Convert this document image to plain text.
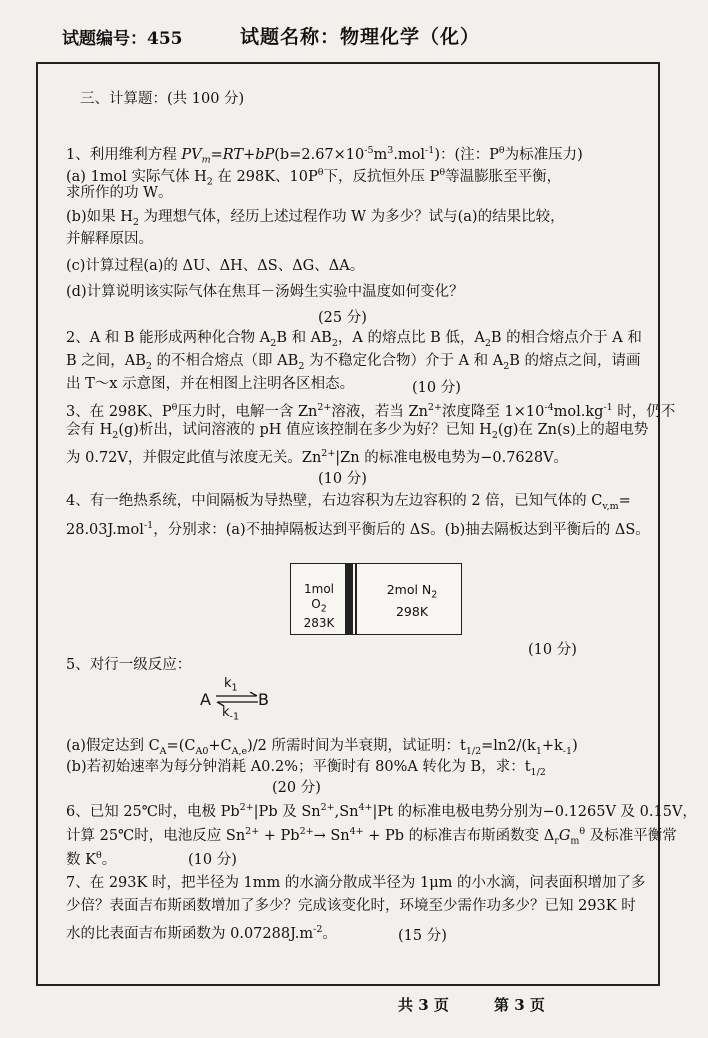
试题编号：455	试题名称：物理化学（化）
三、计算题：(共 100 分)
1、利用维利方程 $PV_m=RT+bP(b=2.67\times 10^{-5}m^3.mol^{-1})$：(注：$P^\theta$为标准压力)
(a) 1mol 实际气体 $H_2$ 在 298K、$10P^\theta$下，反抗恒外压 $P^\theta$等温膨胀至平衡，
求所作的功 W。
(b)如果 $H_2$ 为理想气体，经历上述过程作功 W 为多少？试与(a)的结果比较，
并解释原因。
(c)计算过程(a)的 ΔU、ΔH、ΔS、ΔG、ΔA。
(d)计算说明该实际气体在焦耳－汤姆生实验中温度如何变化？
(25 分)
2、A 和 B 能形成两种化合物 $A_2B$ 和 $AB_2$，A 的熔点比 B 低，$A_2B$ 的相合熔点介于 A 和
B 之间，$AB_2$ 的不相合熔点（即 $AB_2$ 为不稳定化合物）介于 A 和 $A_2B$ 的熔点之间，请画
出 T～x 示意图，并在相图上注明各区相态。	(10 分)
3、在 298K、$P^\theta$压力时，电解一含 $Zn^{2+}$溶液，若当 $Zn^{2+}$浓度降至 $1\times 10^{-4}mol.kg^{-1}$ 时，仍不
会有 $H_2(g)$析出，试问溶液的 pH 值应该控制在多少为好？已知 $H_2(g)$在 Zn(s)上的超电势
为 0.72V，并假定此值与浓度无关。$Zn^{2+}|Zn$ 的标准电极电势为−0.7628V。
(10 分)
4、有一绝热系统，中间隔板为导热壁，右边容积为左边容积的 2 倍，已知气体的 $C_{v,m}=$
28.03J.mol$^{-1}$，分别求：(a)不抽掉隔板达到平衡后的 ΔS。(b)抽去隔板达到平衡后的 ΔS。
1mol $O_2$
283K
2mol $N_2$
298K
(10 分)
5、对行一级反应：
A
$k_1$
B
$k_{-1}$
(a)假定达到 $C_A=(C_{A0}+C_{A,e})/2$ 所需时间为半衰期，试证明：$t_{1/2}=\ln 2/(k_1+k_{-1})$
(b)若初始速率为每分钟消耗 A0.2%；平衡时有 80%A 转化为 B，求：$t_{1/2}$
(20 分)
6、已知 25℃时，电极 $Pb^{2+}|Pb$ 及 $Sn^{2+},Sn^{4+}|Pt$ 的标准电极电势分别为−0.1265V 及 0.15V，
计算 25℃时，电池反应 $Sn^{2+} + Pb^{2+}\to Sn^{4+} + Pb$ 的标准吉布斯函数变 $\Delta_rG_m^\theta$ 及标准平衡常
数 $K^\theta$。	(10 分)
7、在 293K 时，把半径为 1mm 的水滴分散成半径为 1μm 的小水滴，问表面积增加了多
少倍？表面吉布斯函数增加了多少？完成该变化时，环境至少需作功多少？已知 293K 时
水的比表面吉布斯函数为 $0.07288J.m^{-2}$。	(15 分)
共 3 页	第 3 页
